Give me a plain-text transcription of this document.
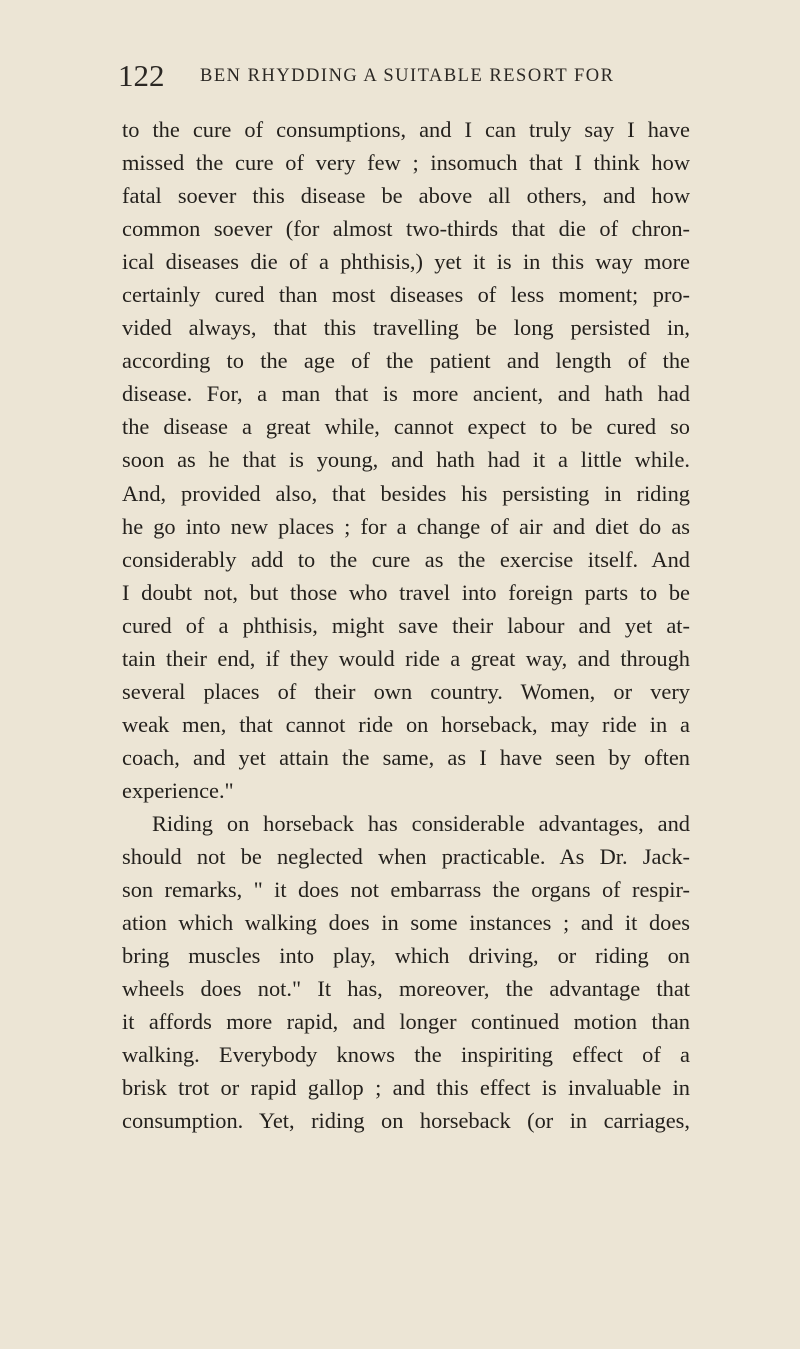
122 BEN RHYDDING A SUITABLE RESORT FOR
to the cure of consumptions, and I can truly say I have
missed the cure of very few ; insomuch that I think how
fatal soever this disease be above all others, and how
common soever (for almost two-thirds that die of chron-
ical diseases die of a phthisis,) yet it is in this way more
certainly cured than most diseases of less moment; pro-
vided always, that this travelling be long persisted in,
according to the age of the patient and length of the
disease. For, a man that is more ancient, and hath had
the disease a great while, cannot expect to be cured so
soon as he that is young, and hath had it a little while.
And, provided also, that besides his persisting in riding
he go into new places ; for a change of air and diet do as
considerably add to the cure as the exercise itself. And
I doubt not, but those who travel into foreign parts to be
cured of a phthisis, might save their labour and yet at-
tain their end, if they would ride a great way, and through
several places of their own country. Women, or very
weak men, that cannot ride on horseback, may ride in a
coach, and yet attain the same, as I have seen by often
experience."
Riding on horseback has considerable advantages, and
should not be neglected when practicable. As Dr. Jack-
son remarks, " it does not embarrass the organs of respir-
ation which walking does in some instances ; and it does
bring muscles into play, which driving, or riding on
wheels does not." It has, moreover, the advantage that
it affords more rapid, and longer continued motion than
walking. Everybody knows the inspiriting effect of a
brisk trot or rapid gallop ; and this effect is invaluable in
consumption. Yet, riding on horseback (or in carriages,
